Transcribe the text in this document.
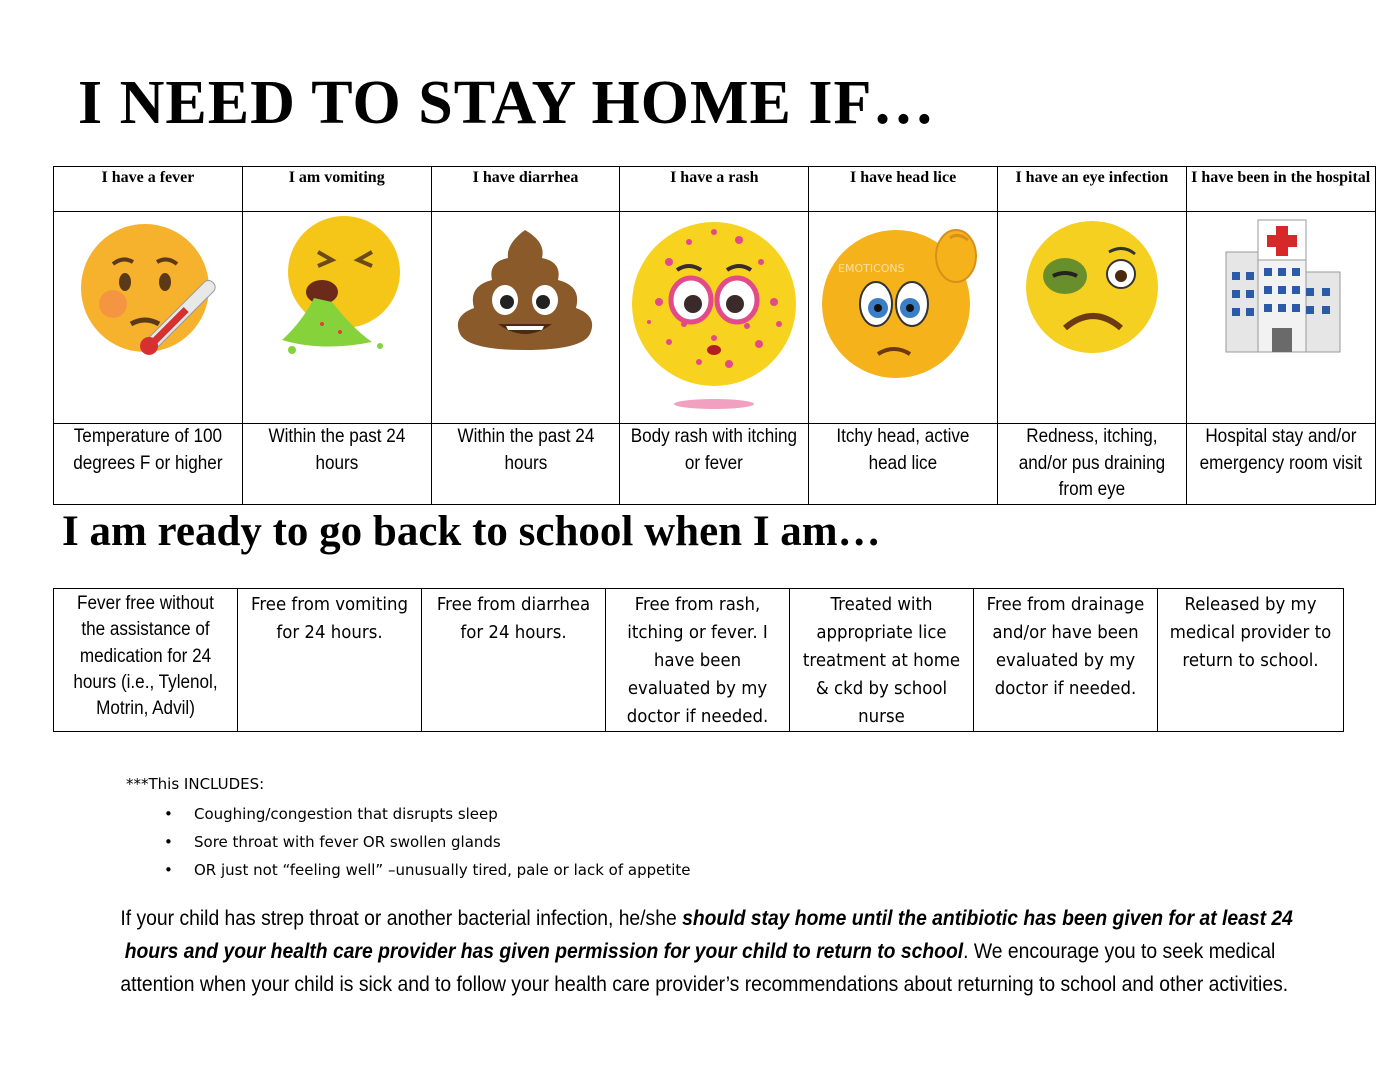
I NEED TO STAY HOME IF…
I have a fever	I am vomiting	I have diarrhea	I have a rash	I have head lice	I have an eye infection	I have been in the hospital

EMOTICONS

Temperature of 100 degrees F or higher	Within the past 24 hours	Within the past 24 hours	Body rash with itching or fever	Itchy head, active head lice	Redness, itching, and/or pus draining from eye	Hospital stay and/or emergency room visit
I am ready to go back to school when I am…
Fever free without the assistance of medication for 24 hours (i.e., Tylenol, Motrin, Advil)	Free from vomiting for 24 hours.	Free from diarrhea for 24 hours.	Free from rash, itching or fever. I have been evaluated by my doctor if needed.	Treated with appropriate lice treatment at home & ckd by school nurse	Free from drainage and/or have been evaluated by my doctor if needed.	Released by my medical provider to return to school.
***This INCLUDES:
• Coughing/congestion that disrupts sleep
• Sore throat with fever OR swollen glands
• OR just not “feeling well” –unusually tired, pale or lack of appetite
If your child has strep throat or another bacterial infection, he/she should stay home until the antibiotic has been given for at least 24
hours and your health care provider has given permission for your child to return to school. We encourage you to seek medical
attention when your child is sick and to follow your health care provider’s recommendations about returning to school and other activities.
